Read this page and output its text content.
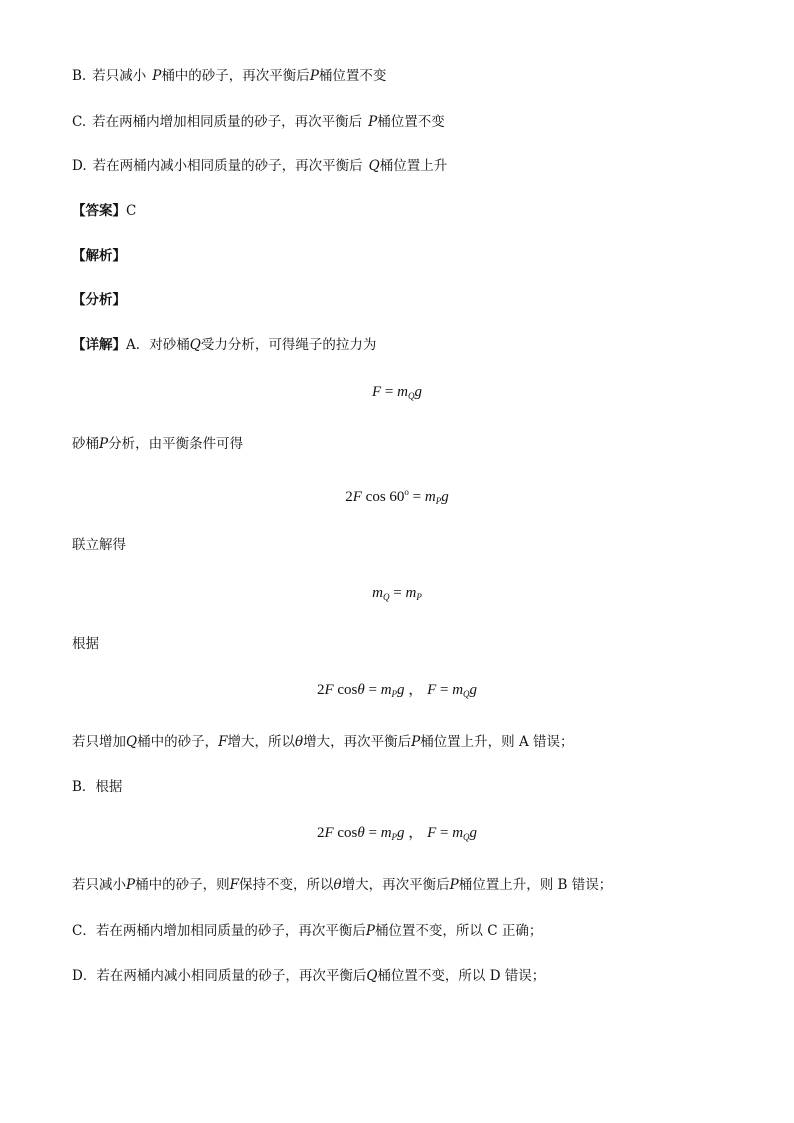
B. 若只减小 P桶中的砂子，再次平衡后P桶位置不变
C. 若在两桶内增加相同质量的砂子，再次平衡后 P桶位置不变
D. 若在两桶内减小相同质量的砂子，再次平衡后 Q桶位置上升
【答案】C
【解析】
【分析】
【详解】A．对砂桶Q受力分析，可得绳子的拉力为
$F = m_Qg$
砂桶P分析，由平衡条件可得
2F $\cos 60^o = m_Pg$
联立解得
$m_Q = m_P$
根据
2F $\cos\theta = m_Pg$ ， $F = m_Qg$
若只增加Q桶中的砂子，F增大，所以θ增大，再次平衡后P桶位置上升，则 A 错误；
B．根据
2F $\cos\theta = m_Pg$ ， $F = m_Qg$
若只减小P桶中的砂子，则F保持不变，所以θ增大，再次平衡后P桶位置上升，则 B 错误；
C．若在两桶内增加相同质量的砂子，再次平衡后P桶位置不变，所以 C 正确；
D．若在两桶内减小相同质量的砂子，再次平衡后Q桶位置不变，所以 D 错误；
